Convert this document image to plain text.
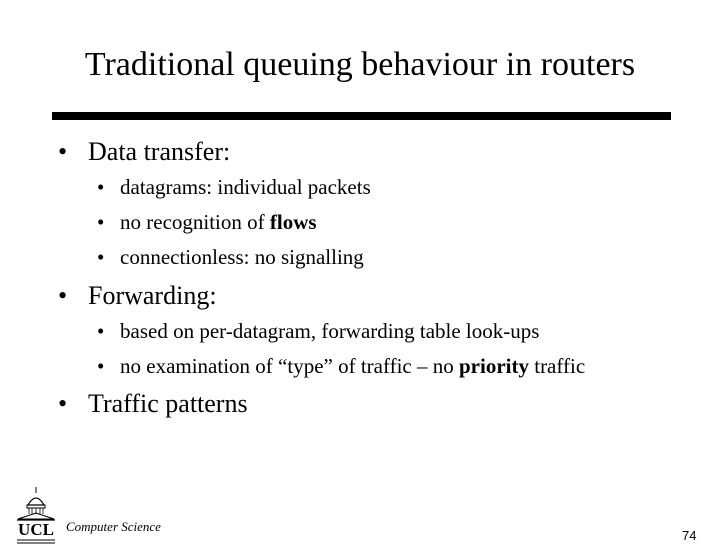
Traditional queuing behaviour in routers
• Data transfer:
• datagrams: individual packets
• no recognition of flows
• connectionless: no signalling
• Forwarding:
• based on per-datagram, forwarding table look-ups
• no examination of “type” of traffic – no priority traffic
• Traffic patterns
UCL Computer Science
74
